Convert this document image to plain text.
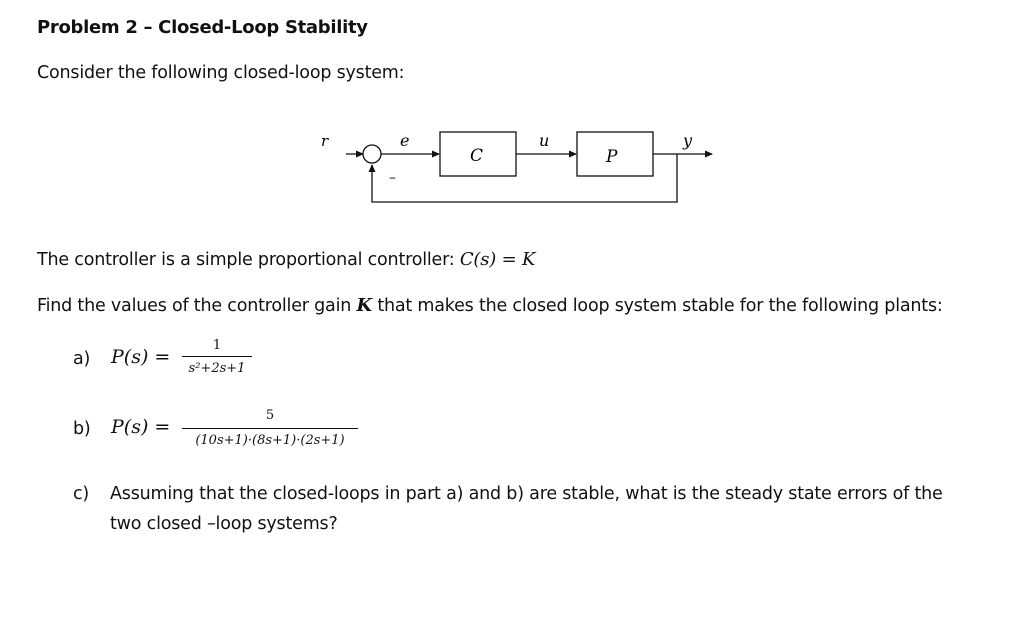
Problem 2 – Closed-Loop Stability
Consider the following closed-loop system:
r	e	u	y
C	P
–
The controller is a simple proportional controller: C(s) = K
Find the values of the controller gain K that makes the closed loop system stable for the following plants:
a) P(s) =
1
s²+2s+1
b) P(s) =
5
(10s+1)·(8s+1)·(2s+1)
c) Assuming that the closed-loops in part a) and b) are stable, what is the steady state errors of the
two closed –loop systems?
